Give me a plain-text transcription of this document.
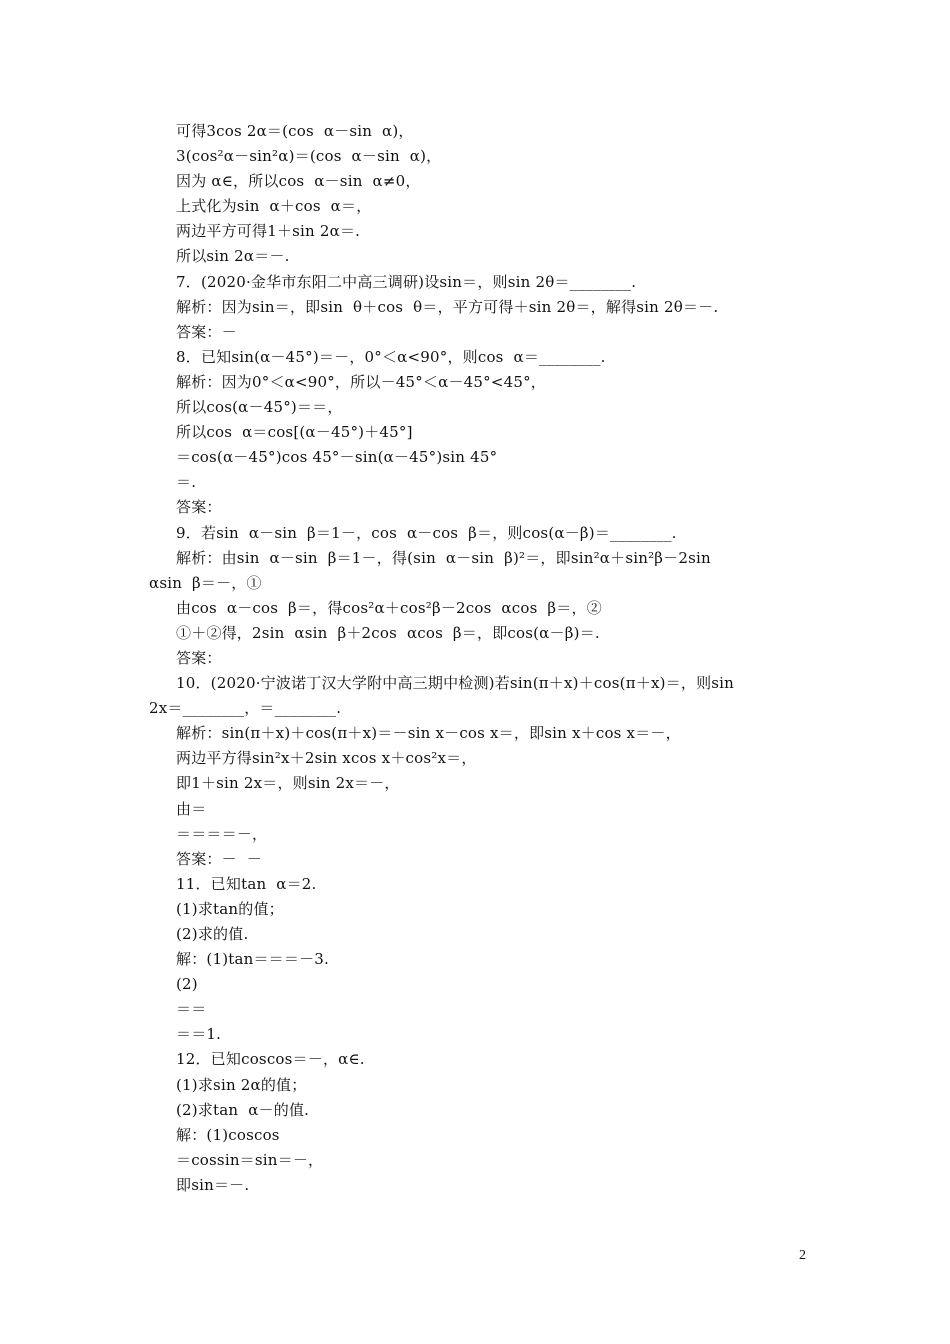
可得3cos 2α＝(cos  α－sin  α)，
3(cos²α－sin²α)＝(cos  α－sin  α)，
因为 α∈，所以cos  α－sin  α≠0，
上式化为sin  α＋cos  α＝，
两边平方可得1＋sin 2α＝.
所以sin 2α＝－.
7．(2020·金华市东阳二中高三调研)设sin＝，则sin 2θ＝________.
解析：因为sin＝，即sin  θ＋cos  θ＝，平方可得＋sin 2θ＝，解得sin 2θ＝－.
答案：－
8．已知sin(α－45°)＝－，0°＜α<90°，则cos  α＝________.
解析：因为0°＜α<90°，所以－45°＜α－45°<45°，
所以cos(α－45°)＝＝，
所以cos  α＝cos[(α－45°)＋45°]
＝cos(α－45°)cos 45°－sin(α－45°)sin 45°
＝.
答案：
9．若sin  α－sin  β＝1－，cos  α－cos  β＝，则cos(α－β)＝________.
解析：由sin  α－sin  β＝1－，得(sin  α－sin  β)²＝，即sin²α＋sin²β－2sin
αsin  β＝－，①
由cos  α－cos  β＝，得cos²α＋cos²β－2cos  αcos  β＝，②
①＋②得，2sin  αsin  β＋2cos  αcos  β＝，即cos(α－β)＝.
答案：
10．(2020·宁波诺丁汉大学附中高三期中检测)若sin(π＋x)＋cos(π＋x)＝，则sin
2x＝________，＝________.
解析：sin(π＋x)＋cos(π＋x)＝－sin x－cos x＝，即sin x＋cos x＝－，
两边平方得sin²x＋2sin xcos x＋cos²x＝，
即1＋sin 2x＝，则sin 2x＝－，
由＝
＝＝＝＝－，
答案：－  －
11．已知tan  α＝2.
(1)求tan的值；
(2)求的值.
解：(1)tan＝＝＝－3.
(2)
＝＝
＝＝1.
12．已知coscos＝－，α∈.
(1)求sin 2α的值；
(2)求tan  α－的值.
解：(1)coscos
＝cossin＝sin＝－，
即sin＝－.
2
